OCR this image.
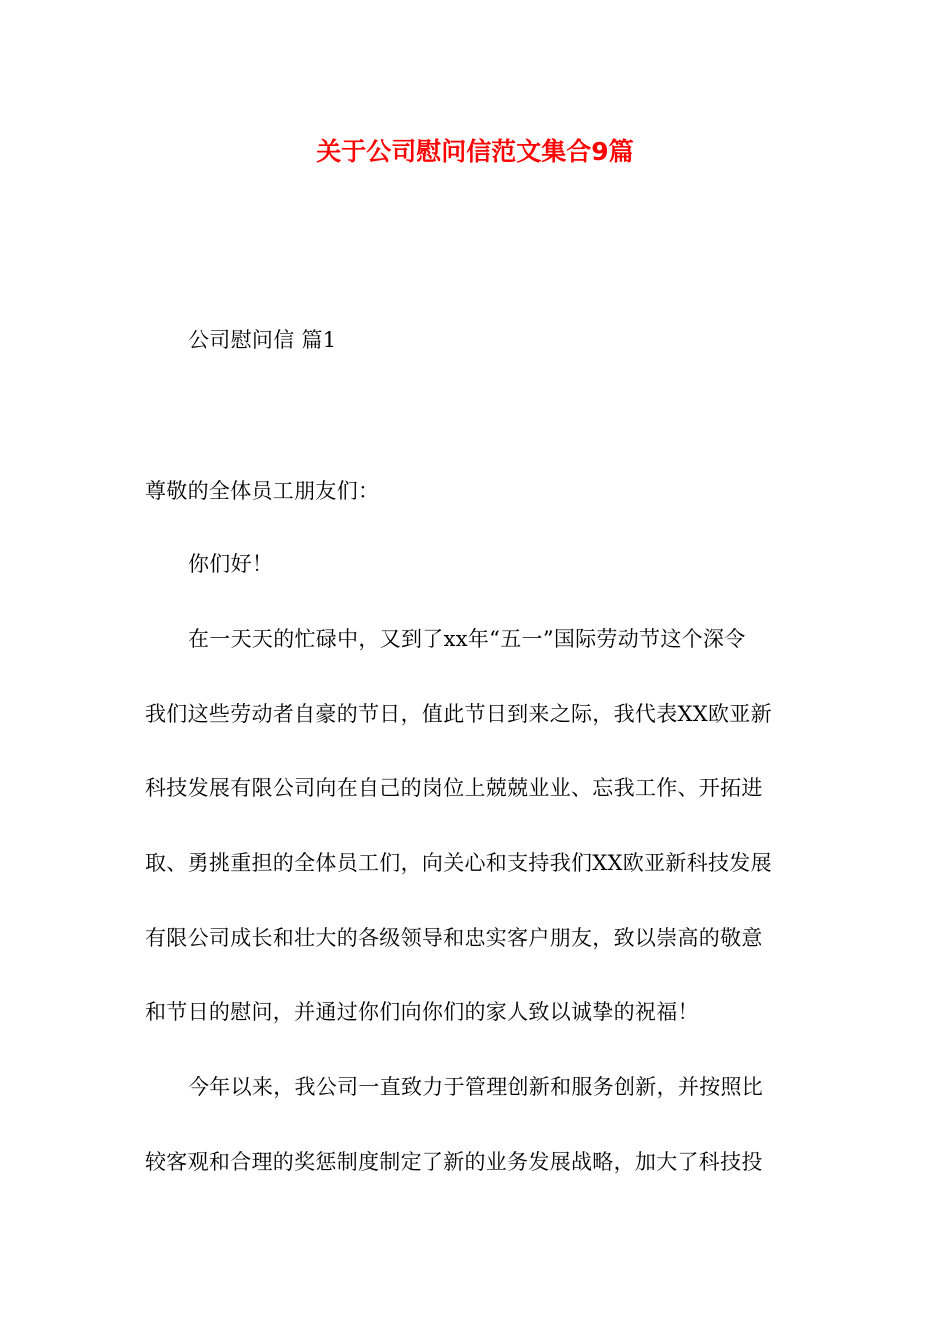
关于公司慰问信范文集合9篇
公司慰问信 篇1
尊敬的全体员工朋友们：
你们好！
在一天天的忙碌中，又到了xx年“五一”国际劳动节这个深令
我们这些劳动者自豪的节日，值此节日到来之际，我代表XX欧亚新
科技发展有限公司向在自己的岗位上兢兢业业、忘我工作、开拓进
取、勇挑重担的全体员工们，向关心和支持我们XX欧亚新科技发展
有限公司成长和壮大的各级领导和忠实客户朋友，致以崇高的敬意
和节日的慰问，并通过你们向你们的家人致以诚挚的祝福！
今年以来，我公司一直致力于管理创新和服务创新，并按照比
较客观和合理的奖惩制度制定了新的业务发展战略，加大了科技投
